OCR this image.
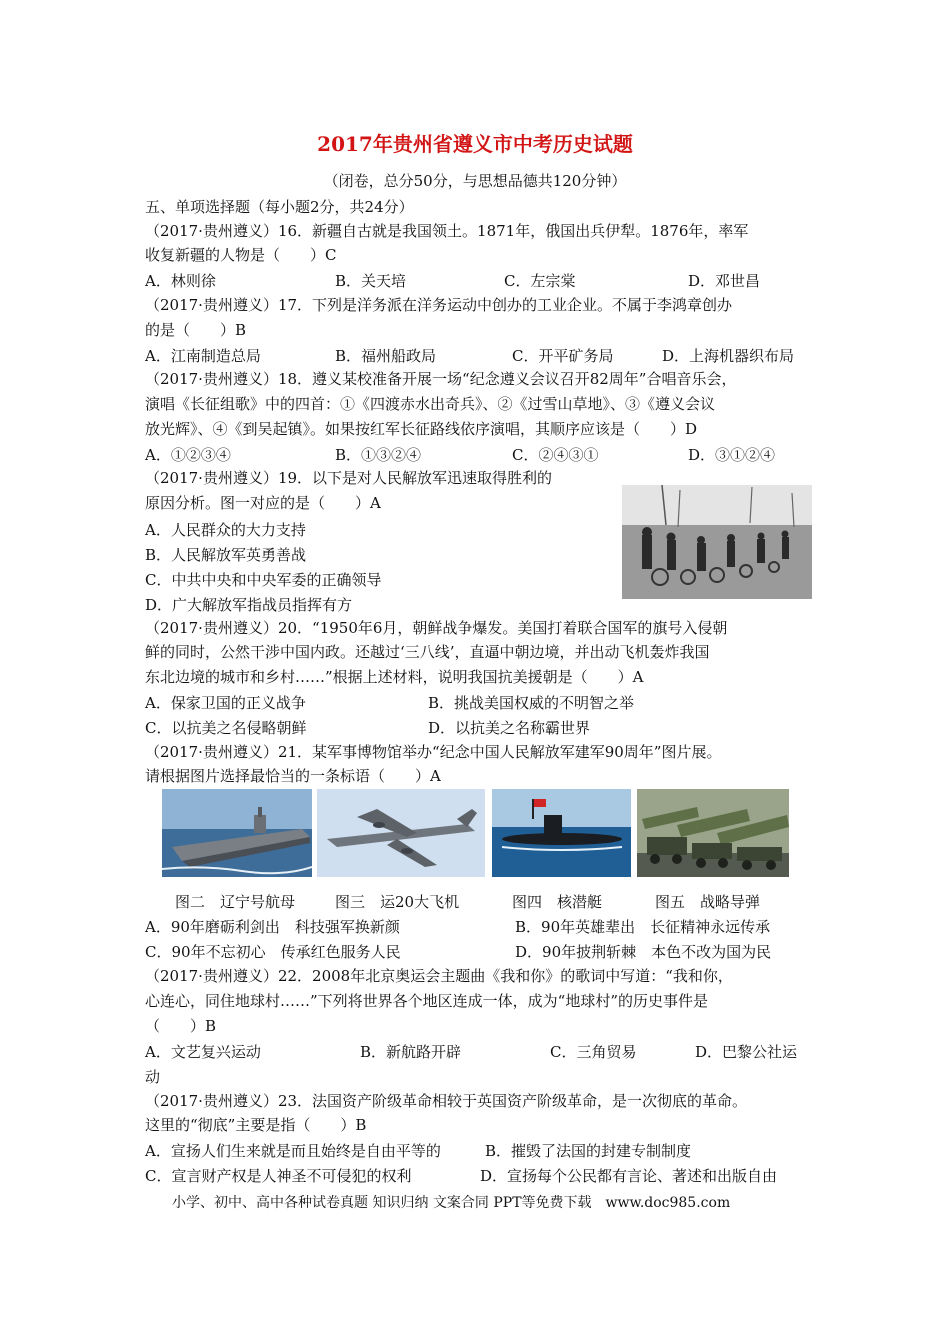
2017年贵州省遵义市中考历史试题
（闭卷，总分50分，与思想品德共120分钟）
五、单项选择题（每小题2分，共24分）
（2017·贵州遵义）16．新疆自古就是我国领土。1871年，俄国出兵伊犁。1876年，率军
收复新疆的人物是（　　）C
A．林则徐	B．关天培	C．左宗棠	D．邓世昌
（2017·贵州遵义）17．下列是洋务派在洋务运动中创办的工业企业。不属于李鸿章创办
的是（　　）B
A．江南制造总局	B．福州船政局	C．开平矿务局	D．上海机器织布局
（2017·贵州遵义）18．遵义某校准备开展一场“纪念遵义会议召开82周年”合唱音乐会，
演唱《长征组歌》中的四首：①《四渡赤水出奇兵》、②《过雪山草地》、③《遵义会议
放光辉》、④《到吴起镇》。如果按红军长征路线依序演唱，其顺序应该是（　　）D
A．①②③④	B．①③②④	C．②④③①	D．③①②④
（2017·贵州遵义）19．以下是对人民解放军迅速取得胜利的
原因分析。图一对应的是（　　）A
A．人民群众的大力支持
B．人民解放军英勇善战
C．中共中央和中央军委的正确领导
D．广大解放军指战员指挥有方
（2017·贵州遵义）20．“1950年6月，朝鲜战争爆发。美国打着联合国军的旗号入侵朝
鲜的同时，公然干涉中国内政。还越过‘三八线’，直逼中朝边境，并出动飞机轰炸我国
东北边境的城市和乡村……”根据上述材料，说明我国抗美援朝是（　　）A
A．保家卫国的正义战争	B．挑战美国权威的不明智之举
C．以抗美之名侵略朝鲜	D．以抗美之名称霸世界
（2017·贵州遵义）21．某军事博物馆举办“纪念中国人民解放军建军90周年”图片展。
请根据图片选择最恰当的一条标语（　　）A
图二　辽宁号航母	图三　运20大飞机	图四　核潜艇	图五　战略导弹
A．90年磨砺利剑出　科技强军换新颜	B．90年英雄辈出　长征精神永远传承
C．90年不忘初心　传承红色服务人民	D．90年披荆斩棘　本色不改为国为民
（2017·贵州遵义）22．2008年北京奥运会主题曲《我和你》的歌词中写道：“我和你，
心连心，同住地球村……”下列将世界各个地区连成一体，成为“地球村”的历史事件是
（　　）B
A．文艺复兴运动	B．新航路开辟	C．三角贸易	D．巴黎公社运
动
（2017·贵州遵义）23．法国资产阶级革命相较于英国资产阶级革命，是一次彻底的革命。
这里的“彻底”主要是指（　　）B
A．宣扬人们生来就是而且始终是自由平等的	B．摧毁了法国的封建专制制度
C．宣言财产权是人神圣不可侵犯的权利	D．宣扬每个公民都有言论、著述和出版自由
小学、初中、高中各种试卷真题 知识归纳 文案合同 PPT等免费下载　www.doc985.com
